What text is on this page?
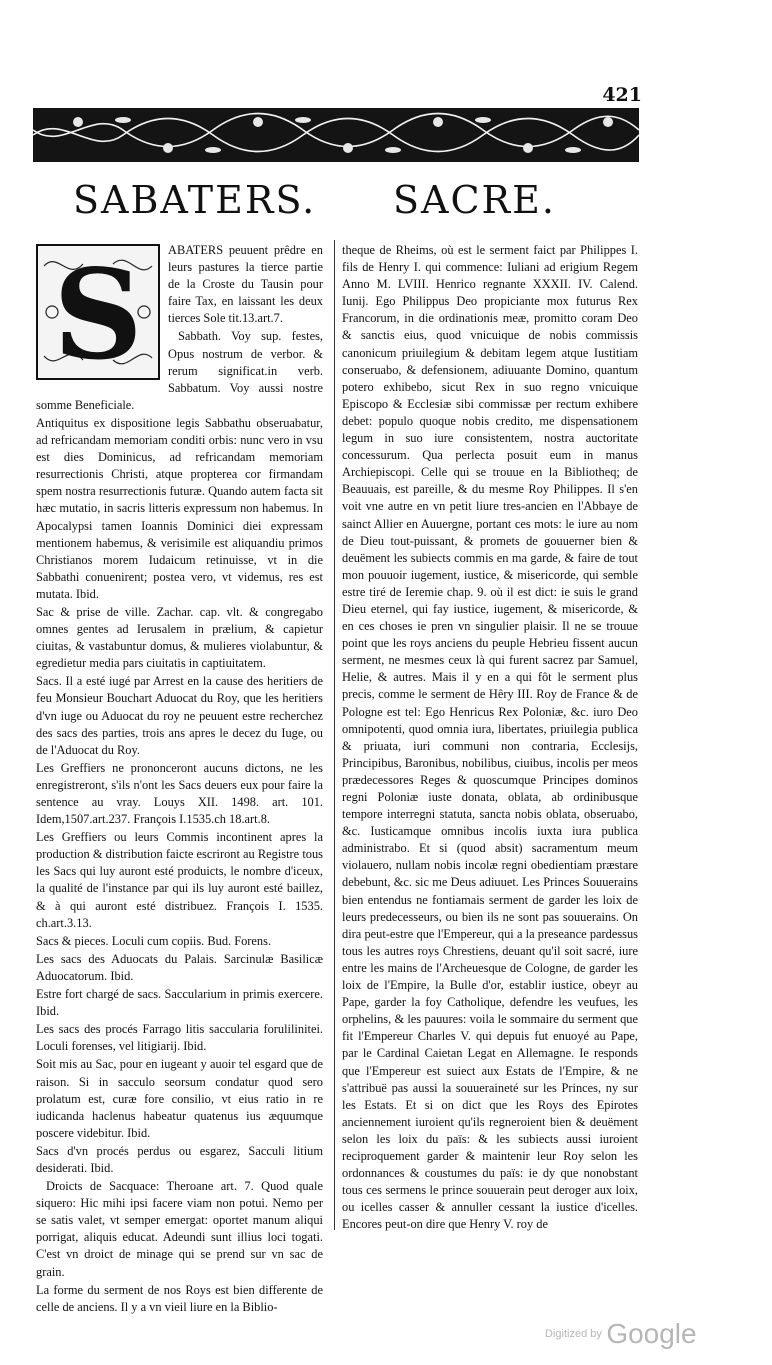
421
SABATERS. SACRE.
S	ABATERS peuuent prêdre en leurs pastures la tierce partie de la Croste du Tausin pour faire Tax, en laissant les deux tierces Sole tit.13.art.7.

Sabbath. Voy sup. festes, Opus nostrum de verbor. & rerum significat.in verb. Sabbatum. Voy aussi nostre somme Beneficiale.

Antiquitus ex dispositione legis Sabbathu obseruabatur, ad refricandam memoriam conditi orbis: nunc vero in vsu est dies Dominicus, ad refricandam memoriam resurrectionis Christi, atque propterea cor firmandam spem nostra resurrectionis futuræ. Quando autem facta sit hæc mutatio, in sacris litteris expressum non habemus. In Apocalypsi tamen Ioannis Dominici diei expressam mentionem habemus, & verisimile est aliquandiu primos Christianos morem Iudaicum retinuisse, vt in die Sabbathi conuenirent; postea vero, vt videmus, res est mutata. Ibid.

Sac & prise de ville. Zachar. cap. vlt. & congregabo omnes gentes ad Ierusalem in prælium, & capietur ciuitas, & vastabuntur domus, & mulieres violabuntur, & egredietur media pars ciuitatis in captiuitatem.

Sacs. Il a esté iugé par Arrest en la cause des heritiers de feu Monsieur Bouchart Aduocat du Roy, que les heritiers d'vn iuge ou Aduocat du roy ne peuuent estre recherchez des sacs des parties, trois ans apres le decez du Iuge, ou de l'Aduocat du Roy.

Les Greffiers ne prononceront aucuns dictons, ne les enregistreront, s'ils n'ont les Sacs deuers eux pour faire la sentence au vray. Louys XII. 1498. art. 101. Idem,1507.art.237. François I.1535.ch 18.art.8.

Les Greffiers ou leurs Commis incontinent apres la production & distribution faicte escriront au Registre tous les Sacs qui luy auront esté produicts, le nombre d'iceux, la qualité de l'instance par qui ils luy auront esté baillez, & à qui auront esté distribuez. François I. 1535. ch.art.3.13.

Sacs & pieces. Loculi cum copiis. Bud. Forens.

Les sacs des Aduocats du Palais. Sarcinulæ Basilicæ Aduocatorum. Ibid.

Estre fort chargé de sacs. Saccularium in primis exercere. Ibid.

Les sacs des procés Farrago litis saccularia forulilinitei. Loculi forenses, vel litigiarij. Ibid.

Soit mis au Sac, pour en iugeant y auoir tel esgard que de raison. Si in sacculo seorsum condatur quod sero prolatum est, curæ fore consilio, vt eius ratio in re iudicanda haclenus habeatur quatenus ius æquumque poscere videbitur. Ibid.

Sacs d'vn procés perdus ou esgarez, Sacculi litium desiderati. Ibid.

Droicts de Sacquace: Theroane art. 7. Quod quale siquero: Hic mihi ipsi facere viam non potui. Nemo per se satis valet, vt semper emergat: oportet manum aliqui porrigat, aliquis educat. Adeundi sunt illius loci togati. C'est vn droict de minage qui se prend sur vn sac de grain.

La forme du serment de nos Roys est bien differente de celle de anciens. Il y a vn vieil liure en la Biblio-

theque de Rheims, où est le serment faict par Philippes I. fils de Henry I. qui commence: Iuliani ad erigium Regem Anno M. LVIII. Henrico regnante XXXII. IV. Calend. Iunij. Ego Philippus Deo propiciante mox futurus Rex Francorum, in die ordinationis meæ, promitto coram Deo & sanctis eius, quod vnicuique de nobis commissis canonicum priuilegium & debitam legem atque Iustitiam conseruabo, & defensionem, adiuuante Domino, quantum potero exhibebo, sicut Rex in suo regno vnicuique Episcopo & Ecclesiæ sibi commissæ per rectum exhibere debet: populo quoque nobis credito, me dispensationem legum in suo iure consistentem, nostra auctoritate concessurum. Qua perlecta posuit eum in manus Archiepiscopi. Celle qui se trouue en la Bibliotheq; de Beauuais, est pareille, & du mesme Roy Philippes. Il s'en voit vne autre en vn petit liure tres-ancien en l'Abbaye de sainct Allier en Auuergne, portant ces mots: le iure au nom de Dieu tout-puissant, & promets de gouuerner bien & deuëment les subiects commis en ma garde, & faire de tout mon pouuoir iugement, iustice, & misericorde, qui semble estre tiré de Ieremie chap. 9. où il est dict: ie suis le grand Dieu eternel, qui fay iustice, iugement, & misericorde, & en ces choses ie pren vn singulier plaisir. Il ne se trouue point que les roys anciens du peuple Hebrieu fissent aucun serment, ne mesmes ceux là qui furent sacrez par Samuel, Helie, & autres. Mais il y en a qui fôt le serment plus precis, comme le serment de Hêry III. Roy de France & de Pologne est tel: Ego Henricus Rex Poloniæ, &c. iuro Deo omnipotenti, quod omnia iura, libertates, priuilegia publica & priuata, iuri communi non contraria, Ecclesijs, Principibus, Baronibus, nobilibus, ciuibus, incolis per meos prædecessores Reges & quoscumque Principes dominos regni Poloniæ iuste donata, oblata, ab ordinibusque tempore interregni statuta, sancta nobis oblata, obseruabo, &c. Iusticamque omnibus incolis iuxta iura publica administrabo. Et si (quod absit) sacramentum meum violauero, nullam nobis incolæ regni obedientiam præstare debebunt, &c. sic me Deus adiuuet. Les Princes Souuerains bien entendus ne fontiamais serment de garder les loix de leurs predecesseurs, ou bien ils ne sont pas souuerains. On dira peut-estre que l'Empereur, qui a la preseance pardessus tous les autres roys Chrestiens, deuant qu'il soit sacré, iure entre les mains de l'Archeuesque de Cologne, de garder les loix de l'Empire, la Bulle d'or, establir iustice, obeyr au Pape, garder la foy Catholique, defendre les veufues, les orphelins, & les pauures: voila le sommaire du serment que fit l'Empereur Charles V. qui depuis fut enuoyé au Pape, par le Cardinal Caietan Legat en Allemagne. Ie responds que l'Empereur est suiect aux Estats de l'Empire, & ne s'attribuë pas aussi la souueraineté sur les Princes, ny sur les Estats. Et si on dict que les Roys des Epirotes anciennement iuroient qu'ils regneroient bien & deuëment selon les loix du païs: & les subiects aussi iuroient reciproquement garder & maintenir leur Roy selon les ordonnances & coustumes du païs: ie dy que nonobstant tous ces sermens le prince souuerain peut deroger aux loix, ou icelles casser & annuller cessant la iustice d'icelles. Encores peut-on dire que Henry V. roy de

Digitized by Google
